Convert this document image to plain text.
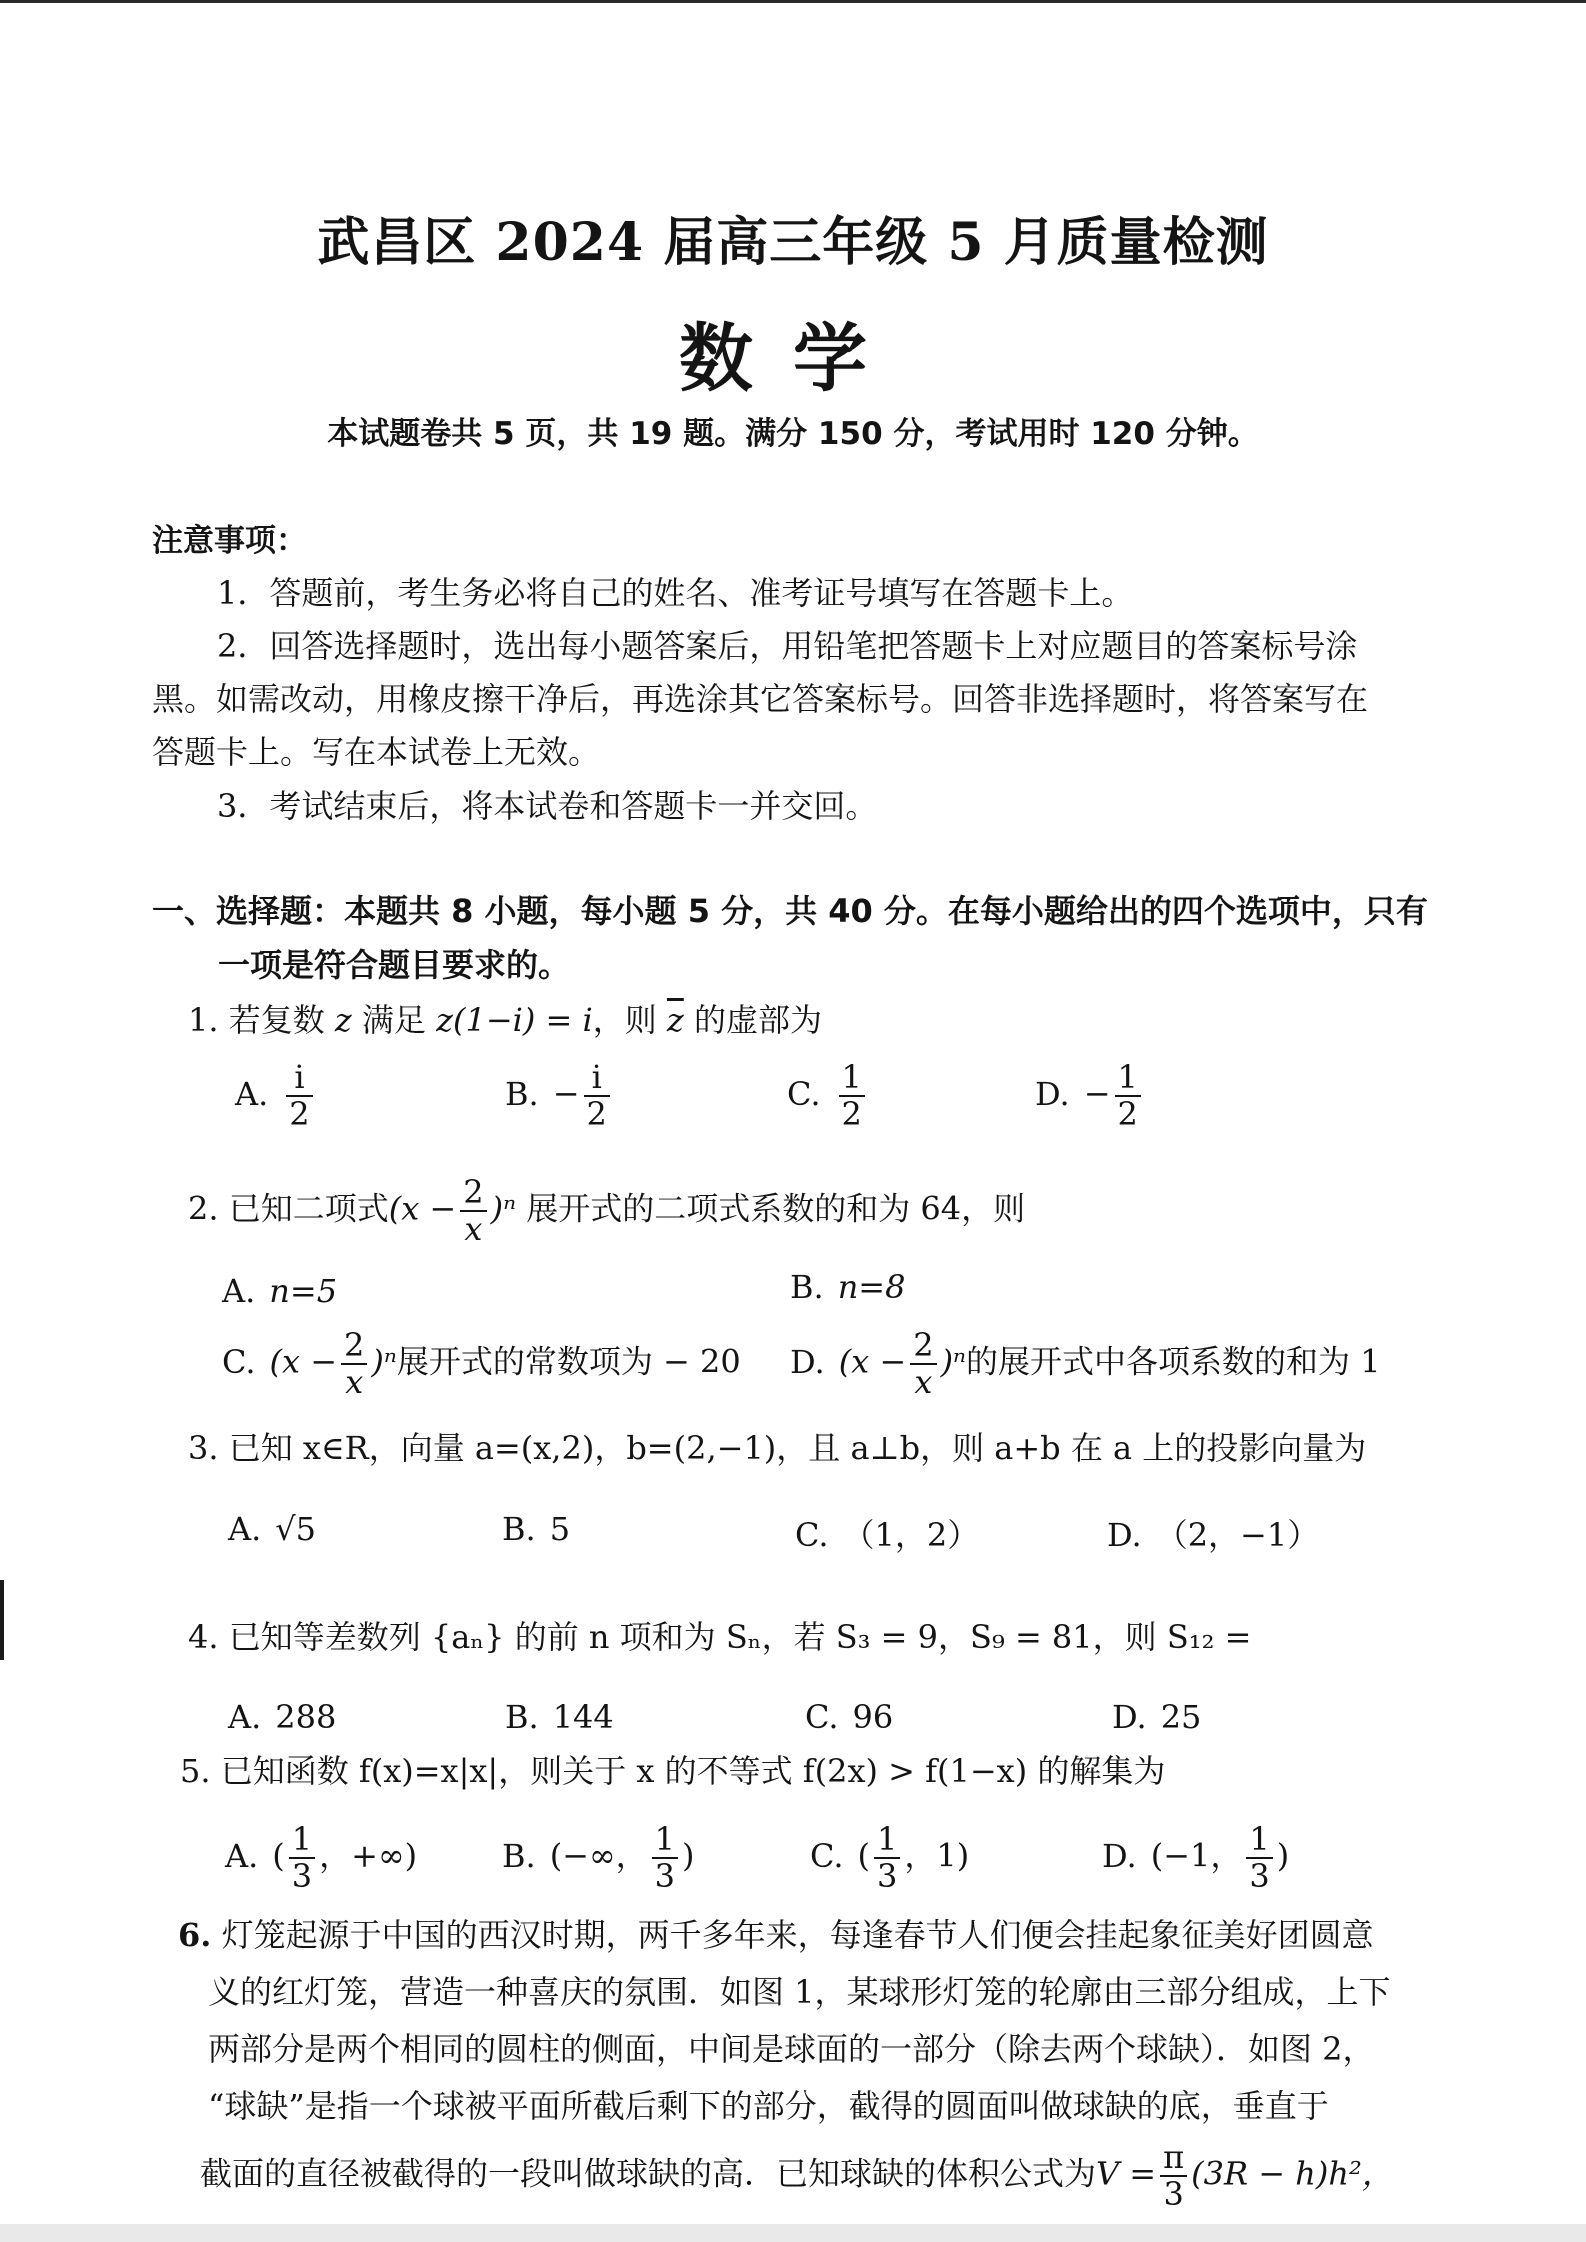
武昌区 2024 届高三年级 5 月质量检测
数学
本试题卷共 5 页，共 19 题。满分 150 分，考试用时 120 分钟。
注意事项：
1．答题前，考生务必将自己的姓名、准考证号填写在答题卡上。
2．回答选择题时，选出每小题答案后，用铅笔把答题卡上对应题目的答案标号涂
黑。如需改动，用橡皮擦干净后，再选涂其它答案标号。回答非选择题时，将答案写在
答题卡上。写在本试卷上无效。
3．考试结束后，将本试卷和答题卡一并交回。
一、选择题：本题共 8 小题，每小题 5 分，共 40 分。在每小题给出的四个选项中，只有
一项是符合题目要求的。
1. 若复数 z 满足 z(1−i) = i，则 $\overline{z}$ 的虚部为
A. $\frac{i}{2}$	B. − $\frac{i}{2}$	C. $\frac{1}{2}$	D. − $\frac{1}{2}$
2. 已知二项式$(x - \frac{2}{x} )^n$ 展开式的二项式系数的和为 64，则
A. n=5	B. n=8
C. $(x - \frac{2}{x} )^n$展开式的常数项为 − 20 D. $(x - \frac{2}{x} )^n$的展开式中各项系数的和为 1
3. 已知 x∈R，向量 a=(x,2)，b=(2,−1)，且 a⊥b，则 a+b 在 a 上的投影向量为
A. √5	B. 5	C. （1，2）	D. （2，−1）
4. 已知等差数列 {aₙ} 的前 n 项和为 Sₙ，若 S₃ = 9，S₉ = 81，则 S₁₂ =
A. 288	B. 144	C. 96	D. 25
5. 已知函数 f(x)=x|x|，则关于 x 的不等式 f(2x) > f(1−x) 的解集为
A. ( $\frac{1}{3}$ ，+∞)	B. (−∞， $\frac{1}{3}$ )	C. ( $\frac{1}{3}$ ，1)	D. (−1， $\frac{1}{3}$ )
6. 灯笼起源于中国的西汉时期，两千多年来，每逢春节人们便会挂起象征美好团圆意
义的红灯笼，营造一种喜庆的氛围．如图 1，某球形灯笼的轮廓由三部分组成，上下
两部分是两个相同的圆柱的侧面，中间是球面的一部分（除去两个球缺）．如图 2，
“球缺”是指一个球被平面所截后剩下的部分，截得的圆面叫做球缺的底，垂直于
截面的直径被截得的一段叫做球缺的高．已知球缺的体积公式为$V = \frac{\pi}{3} (3R - h)h^2$，
